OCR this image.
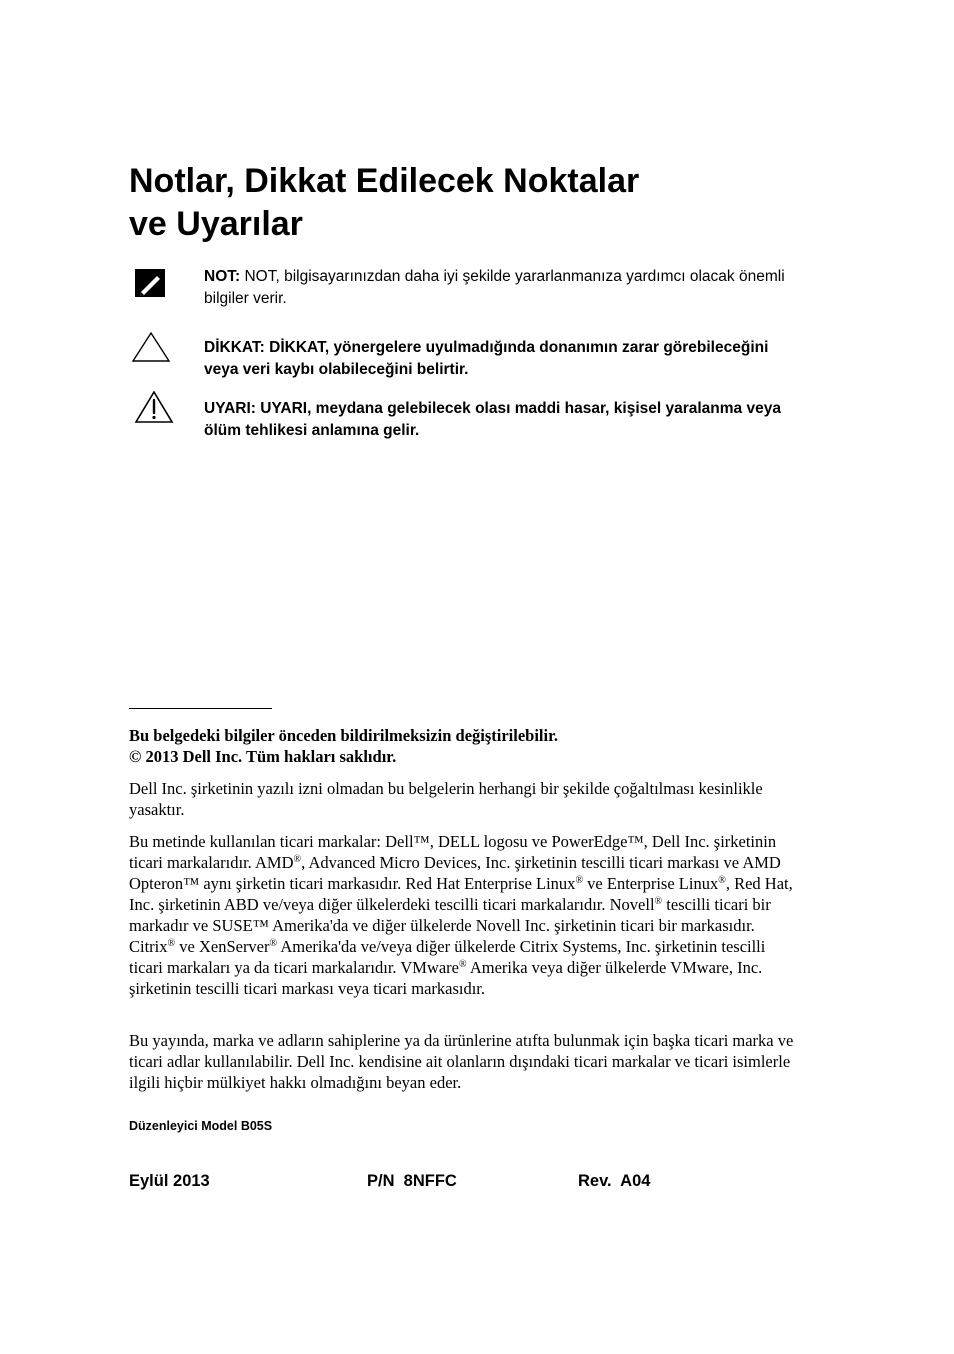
Notlar, Dikkat Edilecek Noktalar
ve Uyarılar
NOT: NOT, bilgisayarınızdan daha iyi şekilde yararlanmanıza yardımcı olacak önemli bilgiler verir.
DİKKAT: DİKKAT, yönergelere uyulmadığında donanımın zarar görebileceğini veya veri kaybı olabileceğini belirtir.
UYARI: UYARI, meydana gelebilecek olası maddi hasar, kişisel yaralanma veya ölüm tehlikesi anlamına gelir.
Bu belgedeki bilgiler önceden bildirilmeksizin değiştirilebilir.
© 2013 Dell Inc. Tüm hakları saklıdır.

Dell Inc. şirketinin yazılı izni olmadan bu belgelerin herhangi bir şekilde çoğaltılması kesinlikle yasaktır.

Bu metinde kullanılan ticari markalar: Dell™, DELL logosu ve PowerEdge™, Dell Inc. şirketinin ticari markalarıdır. AMD®, Advanced Micro Devices, Inc. şirketinin tescilli ticari markası ve AMD Opteron™ aynı şirketin ticari markasıdır. Red Hat Enterprise Linux® ve Enterprise Linux®, Red Hat, Inc. şirketinin ABD ve/veya diğer ülkelerdeki tescilli ticari markalarıdır. Novell® tescilli ticari bir markadır ve SUSE™ Amerika'da ve diğer ülkelerde Novell Inc. şirketinin ticari bir markasıdır. Citrix® ve XenServer® Amerika'da ve/veya diğer ülkelerde Citrix Systems, Inc. şirketinin tescilli ticari markaları ya da ticari markalarıdır. VMware® Amerika veya diğer ülkelerde VMware, Inc. şirketinin tescilli ticari markası veya ticari markasıdır.

Bu yayında, marka ve adların sahiplerine ya da ürünlerine atıfta bulunmak için başka ticari marka ve ticari adlar kullanılabilir. Dell Inc. kendisine ait olanların dışındaki ticari markalar ve ticari isimlerle ilgili hiçbir mülkiyet hakkı olmadığını beyan eder.

Düzenleyici Model B05S
Eylül 2013	P/N  8NFFC	Rev.  A04
